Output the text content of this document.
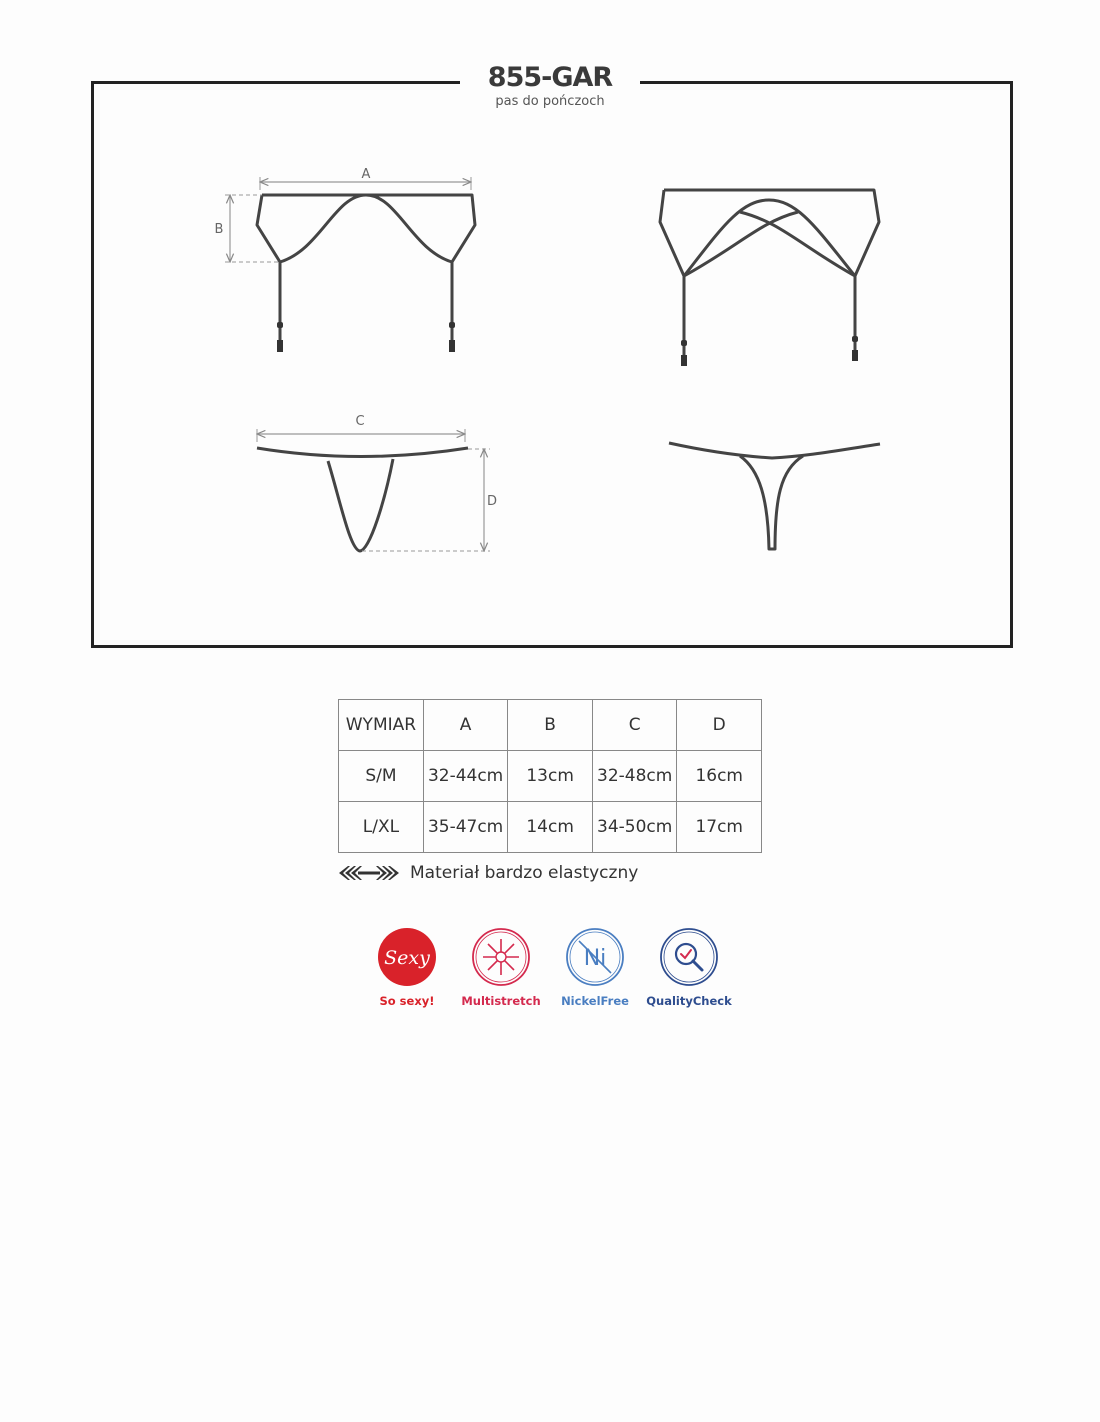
855-GAR
pas do pończoch
A
B
C
D
WYMIAR	A	B	C	D
S/M	32-44cm	13cm	32-48cm	16cm
L/XL	35-47cm	14cm	34-50cm	17cm
Materiał bardzo elastyczny
Sexy
So sexy!	Multistretch
Ni
NickelFree	QualityCheck
